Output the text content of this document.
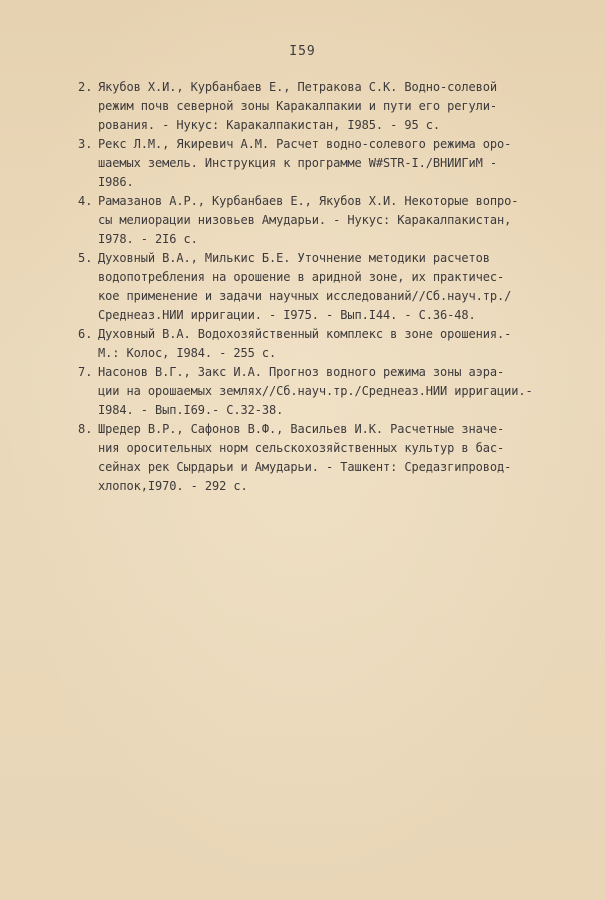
I59
2. Якубов Х.И., Курбанбаев Е., Петракова С.К. Водно-солевой
режим почв северной зоны Каракалпакии и пути его регули-
рования. - Нукус: Каракалпакистан, I985. - 95 с.
3. Рекс Л.М., Якиревич А.М. Расчет водно-солевого режима оро-
шаемых земель. Инструкция к программе W#STR-I./ВНИИГиМ -
I986.
4. Рамазанов А.Р., Курбанбаев Е., Якубов Х.И. Некоторые вопро-
сы мелиорации низовьев Амударьи. - Нукус: Каракалпакистан,
I978. - 2I6 с.
5. Духовный В.А., Милькис Б.Е. Уточнение методики расчетов
водопотребления на орошение в аридной зоне, их практичес-
кое применение и задачи научных исследований//Сб.науч.тр./
Среднеаз.НИИ ирригации. - I975. - Вып.I44. - С.36-48.
6. Духовный В.А. Водохозяйственный комплекс в зоне орошения.-
М.: Колос, I984. - 255 с.
7. Насонов В.Г., Закс И.А. Прогноз водного режима зоны аэра-
ции на орошаемых землях//Сб.науч.тр./Среднеаз.НИИ ирригации.-
I984. - Вып.I69.- С.32-38.
8. Шредер В.Р., Сафонов В.Ф., Васильев И.К. Расчетные значе-
ния оросительных норм сельскохозяйственных культур в бас-
сейнах рек Сырдарьи и Амударьи. - Ташкент: Средазгипровод-
хлопок,I970. - 292 с.
